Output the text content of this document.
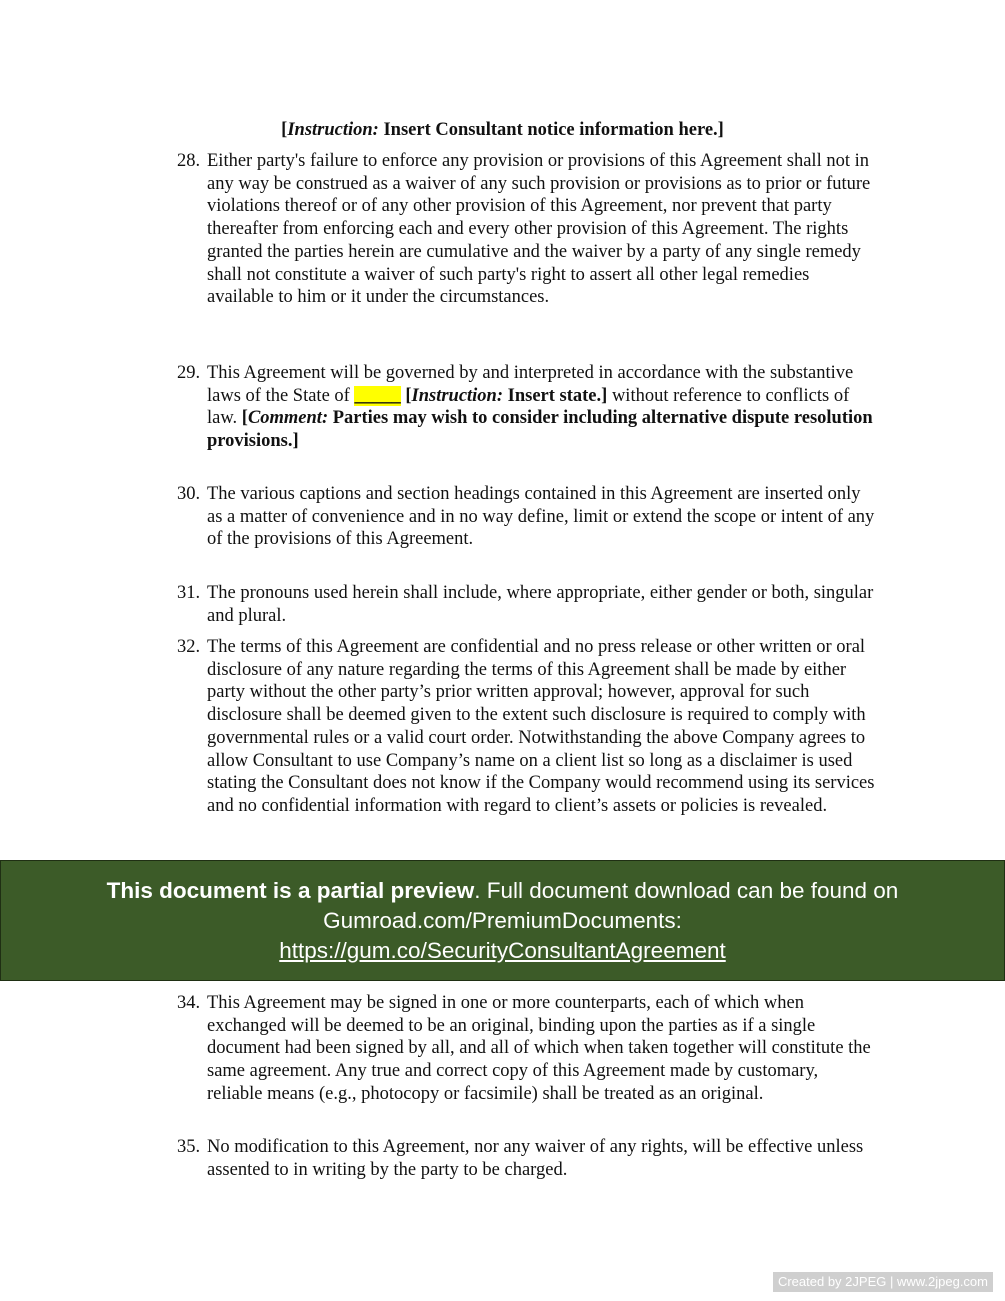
[Instruction: Insert Consultant notice information here.]
28. Either party's failure to enforce any provision or provisions of this Agreement shall not in any way be construed as a waiver of any such provision or provisions as to prior or future violations thereof or of any other provision of this Agreement, nor prevent that party thereafter from enforcing each and every other provision of this Agreement. The rights granted the parties herein are cumulative and the waiver by a party of any single remedy shall not constitute a waiver of such party's right to assert all other legal remedies available to him or it under the circumstances.
29. This Agreement will be governed by and interpreted in accordance with the substantive laws of the State of _____ [Instruction: Insert state.] without reference to conflicts of law. [Comment: Parties may wish to consider including alternative dispute resolution provisions.]
30. The various captions and section headings contained in this Agreement are inserted only as a matter of convenience and in no way define, limit or extend the scope or intent of any of the provisions of this Agreement.
31. The pronouns used herein shall include, where appropriate, either gender or both, singular and plural.
32. The terms of this Agreement are confidential and no press release or other written or oral disclosure of any nature regarding the terms of this Agreement shall be made by either party without the other party’s prior written approval; however, approval for such disclosure shall be deemed given to the extent such disclosure is required to comply with governmental rules or a valid court order. Notwithstanding the above Company agrees to allow Consultant to use Company’s name on a client list so long as a disclaimer is used stating the Consultant does not know if the Company would recommend using its services and no confidential information with regard to client’s assets or policies is revealed.
This document is a partial preview. Full document download can be found on
Gumroad.com/PremiumDocuments:
https://gum.co/SecurityConsultantAgreement
34. This Agreement may be signed in one or more counterparts, each of which when exchanged will be deemed to be an original, binding upon the parties as if a single document had been signed by all, and all of which when taken together will constitute the same agreement. Any true and correct copy of this Agreement made by customary, reliable means (e.g., photocopy or facsimile) shall be treated as an original.
35. No modification to this Agreement, nor any waiver of any rights, will be effective unless assented to in writing by the party to be charged.
Created by 2JPEG | www.2jpeg.com
